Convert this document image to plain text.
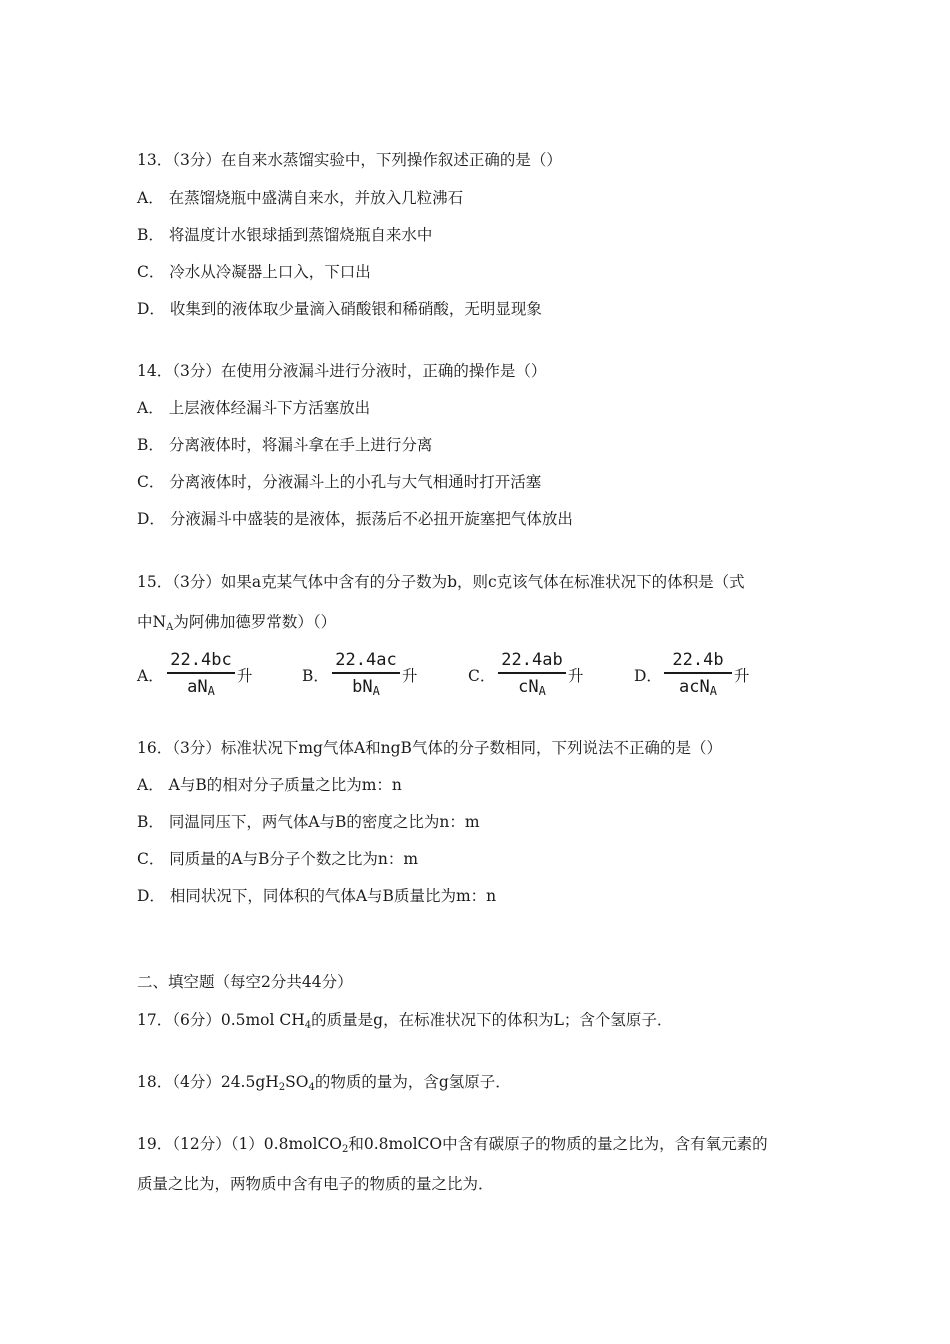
13．（3分）在自来水蒸馏实验中，下列操作叙述正确的是（）
A． 在蒸馏烧瓶中盛满自来水，并放入几粒沸石
B． 将温度计水银球插到蒸馏烧瓶自来水中
C． 冷水从冷凝器上口入，下口出
D． 收集到的液体取少量滴入硝酸银和稀硝酸，无明显现象
14．（3分）在使用分液漏斗进行分液时，正确的操作是（）
A． 上层液体经漏斗下方活塞放出
B． 分离液体时，将漏斗拿在手上进行分离
C． 分离液体时，分液漏斗上的小孔与大气相通时打开活塞
D． 分液漏斗中盛装的是液体，振荡后不必扭开旋塞把气体放出
15．（3分）如果a克某气体中含有的分子数为b，则c克该气体在标准状况下的体积是（式
中$N_A$为阿佛加德罗常数）（）
A．
22.4bc
$aN_A$
升	B．
22.4ac
$bN_A$
升	C．
22.4ab
$cN_A$
升	D．
22.4b
acN$_A$
升
16．（3分）标准状况下mg气体A和ngB气体的分子数相同，下列说法不正确的是（）
A． A与B的相对分子质量之比为m：n
B． 同温同压下，两气体A与B的密度之比为n：m
C． 同质量的A与B分子个数之比为n：m
D． 相同状况下，同体积的气体A与B质量比为m：n
二、填空题（每空2分共44分）
17．（6分）0.5mol $CH_4$的质量是g，在标准状况下的体积为L；含个氢原子．
18．（4分）$24.5gH_2SO_4$的物质的量为，含g氢原子．
19．（12分）（1）0.8molCO$_2$和0.8molCO中含有碳原子的物质的量之比为，含有氧元素的
质量之比为，两物质中含有电子的物质的量之比为．
